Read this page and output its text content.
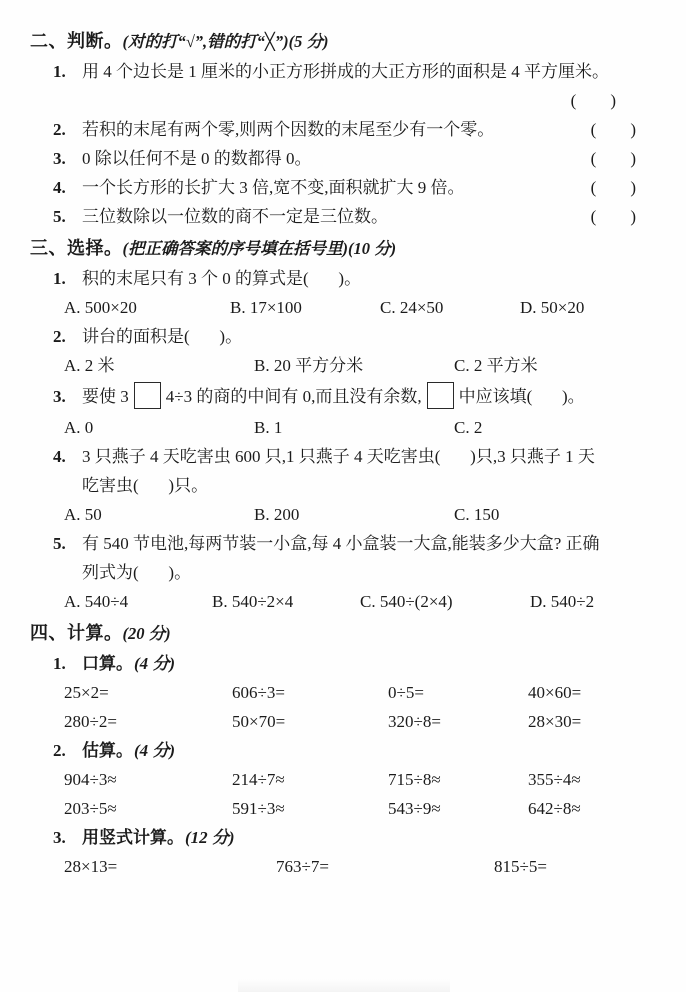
二、判断。(对的打“√”,错的打“╳”)(5 分)
1. 用 4 个边长是 1 厘米的小正方形拼成的大正方形的面积是 4 平方厘米。
(        )
2. 若积的末尾有两个零,则两个因数的末尾至少有一个零。	(        )
3. 0 除以任何不是 0 的数都得 0。	(        )
4. 一个长方形的长扩大 3 倍,宽不变,面积就扩大 9 倍。	(        )
5. 三位数除以一位数的商不一定是三位数。	(        )
三、选择。(把正确答案的序号填在括号里)(10 分)
1. 积的末尾只有 3 个 0 的算式是(       )。
A. 500×20	B. 17×100	C. 24×50	D. 50×20
2. 讲台的面积是(       )。
A. 2 米	B. 20 平方分米	C. 2 平方米
3. 要使 3 4÷3 的商的中间有 0,而且没有余数, 中应该填(       )。
A. 0	B. 1	C. 2
4. 3 只燕子 4 天吃害虫 600 只,1 只燕子 4 天吃害虫(       )只,3 只燕子 1 天
吃害虫(       )只。
A. 50	B. 200	C. 150
5. 有 540 节电池,每两节装一小盒,每 4 小盒装一大盒,能装多少大盒? 正确
列式为(       )。
A. 540÷4	B. 540÷2×4	C. 540÷(2×4)	D. 540÷2
四、计算。(20 分)
1. 口算。(4 分)
25×2=	606÷3=	0÷5=	40×60=
280÷2=	50×70=	320÷8=	28×30=
2. 估算。(4 分)
904÷3≈	214÷7≈	715÷8≈	355÷4≈
203÷5≈	591÷3≈	543÷9≈	642÷8≈
3. 用竖式计算。(12 分)
28×13=	763÷7=	815÷5=
